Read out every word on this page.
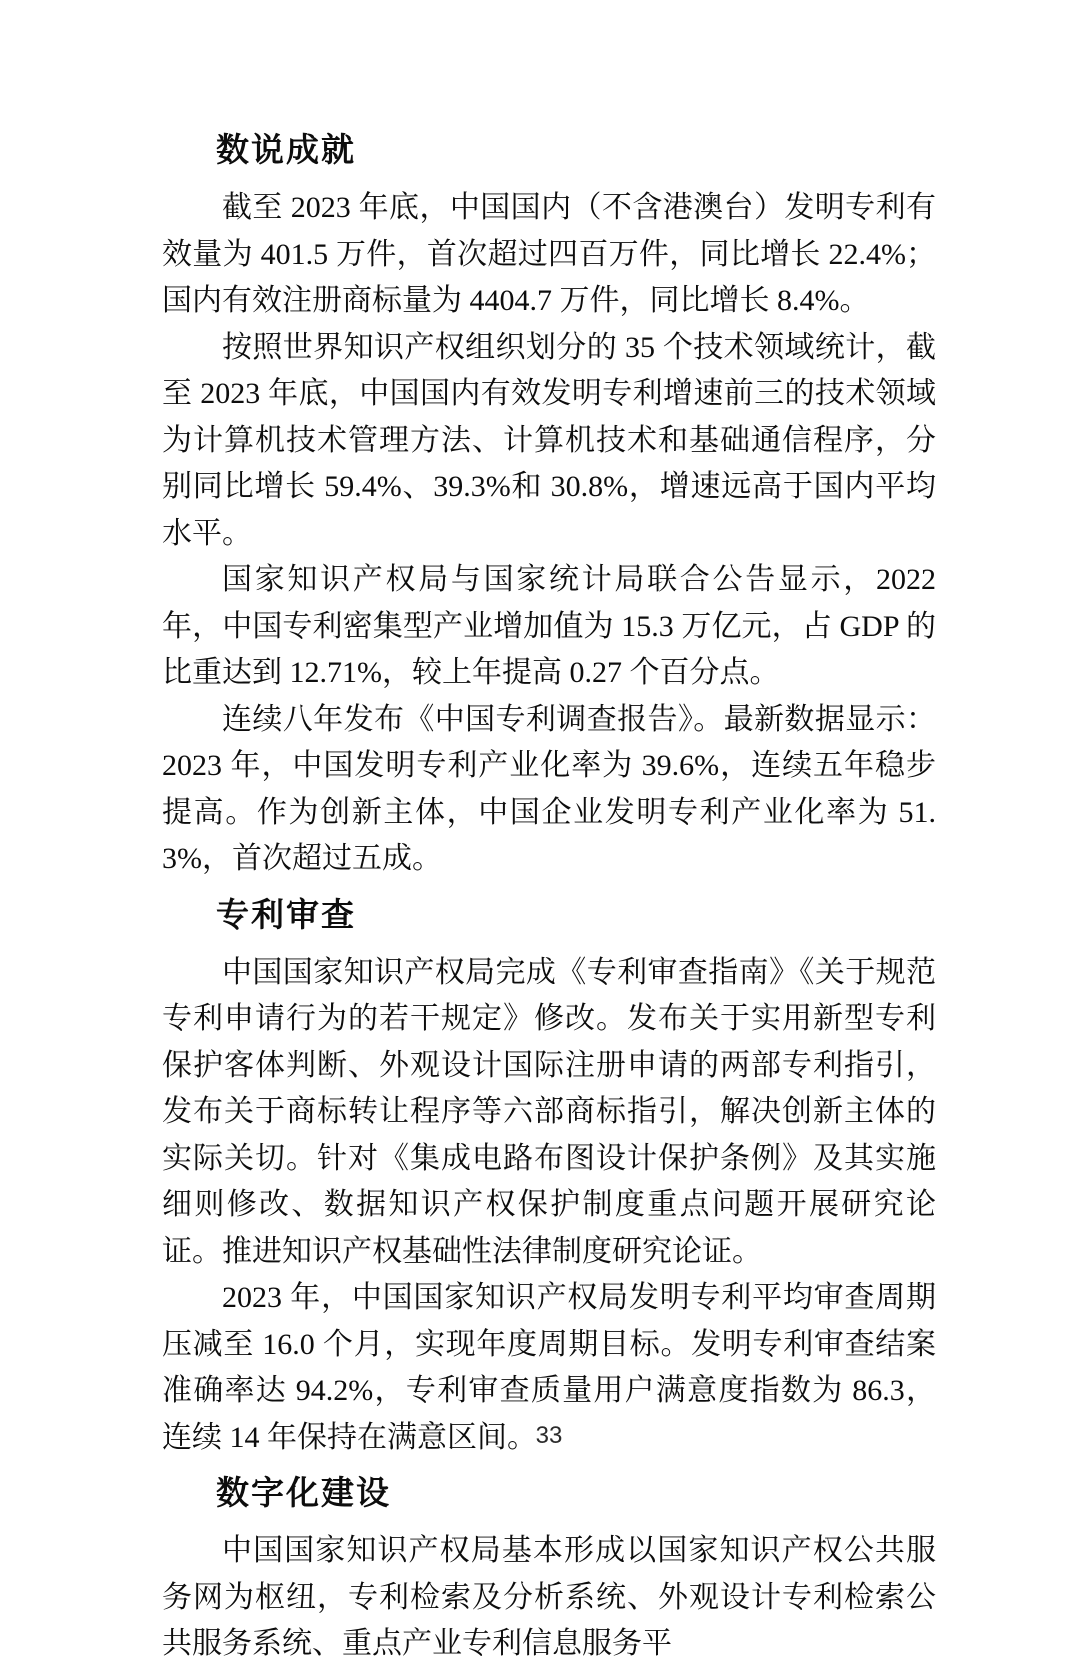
数说成就

截至 2023 年底，中国国内（不含港澳台）发明专利有效量为 401.5 万件，首次超过四百万件，同比增长 22.4%；国内有效注册商标量为 4404.7 万件，同比增长 8.4%。

按照世界知识产权组织划分的 35 个技术领域统计，截至 2023 年底，中国国内有效发明专利增速前三的技术领域为计算机技术管理方法、计算机技术和基础通信程序，分别同比增长 59.4%、39.3%和 30.8%，增速远高于国内平均水平。

国家知识产权局与国家统计局联合公告显示，2022 年，中国专利密集型产业增加值为 15.3 万亿元，占 GDP 的比重达到 12.71%，较上年提高 0.27 个百分点。

连续八年发布《中国专利调查报告》。最新数据显示：2023 年，中国发明专利产业化率为 39.6%，连续五年稳步提高。作为创新主体，中国企业发明专利产业化率为 51.3%，首次超过五成。

专利审查

中国国家知识产权局完成《专利审查指南》《关于规范专利申请行为的若干规定》修改。发布关于实用新型专利保护客体判断、外观设计国际注册申请的两部专利指引，发布关于商标转让程序等六部商标指引，解决创新主体的实际关切。针对《集成电路布图设计保护条例》及其实施细则修改、数据知识产权保护制度重点问题开展研究论证。推进知识产权基础性法律制度研究论证。

2023 年，中国国家知识产权局发明专利平均审查周期压减至 16.0 个月，实现年度周期目标。发明专利审查结案准确率达 94.2%，专利审查质量用户满意度指数为 86.3，连续 14 年保持在满意区间。

数字化建设

中国国家知识产权局基本形成以国家知识产权公共服务网为枢纽，专利检索及分析系统、外观设计专利检索公共服务系统、重点产业专利信息服务平

33
